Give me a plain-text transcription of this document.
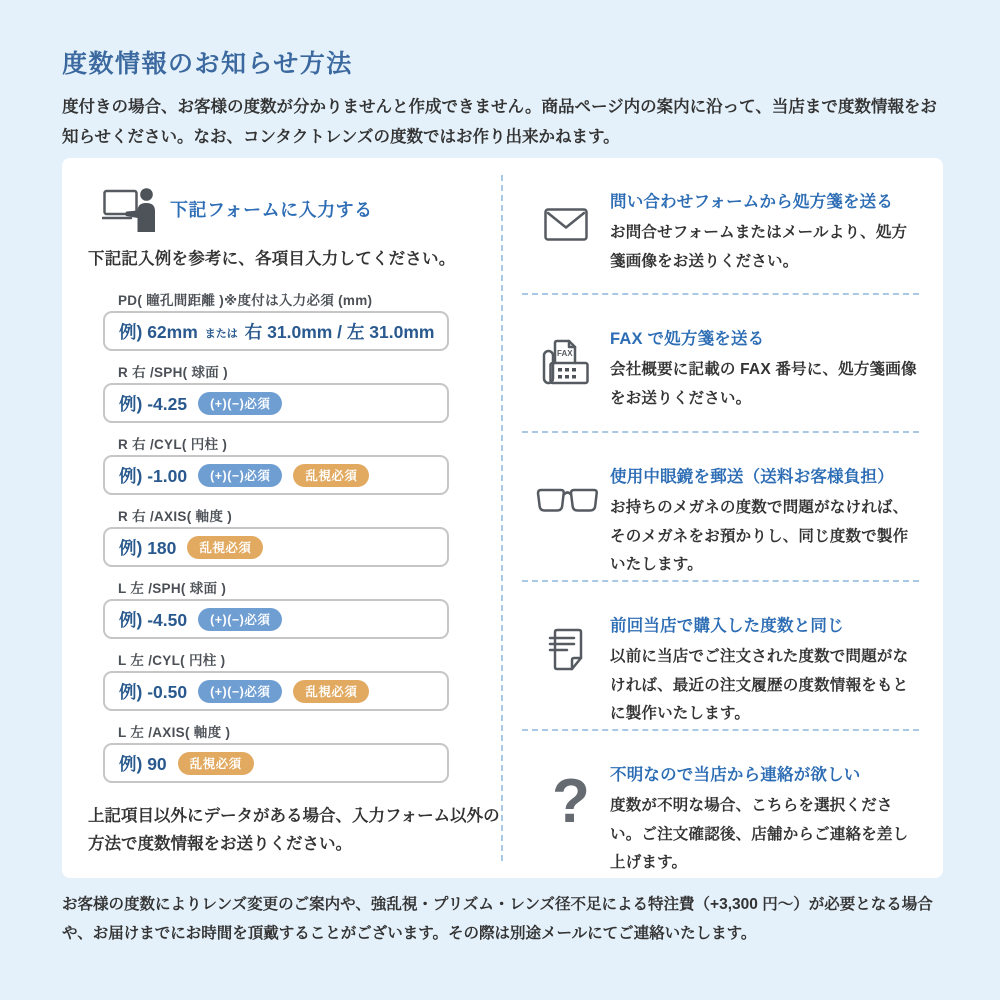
度数情報のお知らせ方法

度付きの場合、お客様の度数が分かりませんと作成できません。商品ページ内の案内に沿って、当店まで度数情報をお知らせください。なお、コンタクトレンズの度数ではお作り出来かねます。

下記フォームに入力する

下記記入例を参考に、各項目入力してください。

PD( 瞳孔間距離 )※度付は入力必須 (mm)
例) 62mm または 右 31.0mm / 左 31.0mm
R 右 /SPH( 球面 )
例) -4.25	(+)(−)必須
R 右 /CYL( 円柱 )
例) -1.00	(+)(−)必須	乱視必須
R 右 /AXIS( 軸度 )
例) 180	乱視必須
L 左 /SPH( 球面 )
例) -4.50	(+)(−)必須
L 左 /CYL( 円柱 )
例) -0.50	(+)(−)必須	乱視必須
L 左 /AXIS( 軸度 )
例) 90	乱視必須

上記項目以外にデータがある場合、入力フォーム以外の方法で度数情報をお送りください。

問い合わせフォームから処方箋を送る
お問合せフォームまたはメールより、処方箋画像をお送りください。
FAX
FAX で処方箋を送る
会社概要に記載の FAX 番号に、処方箋画像をお送りください。
使用中眼鏡を郵送（送料お客様負担）
お持ちのメガネの度数で問題がなければ、そのメガネをお預かりし、同じ度数で製作いたします。
前回当店で購入した度数と同じ
以前に当店でご注文された度数で問題がなければ、最近の注文履歴の度数情報をもとに製作いたします。
? 不明なので当店から連絡が欲しい
度数が不明な場合、こちらを選択ください。ご注文確認後、店舗からご連絡を差し上げます。

お客様の度数によりレンズ変更のご案内や、強乱視・プリズム・レンズ径不足による特注費（+3,300 円～）が必要となる場合や、お届けまでにお時間を頂戴することがございます。その際は別途メールにてご連絡いたします。
